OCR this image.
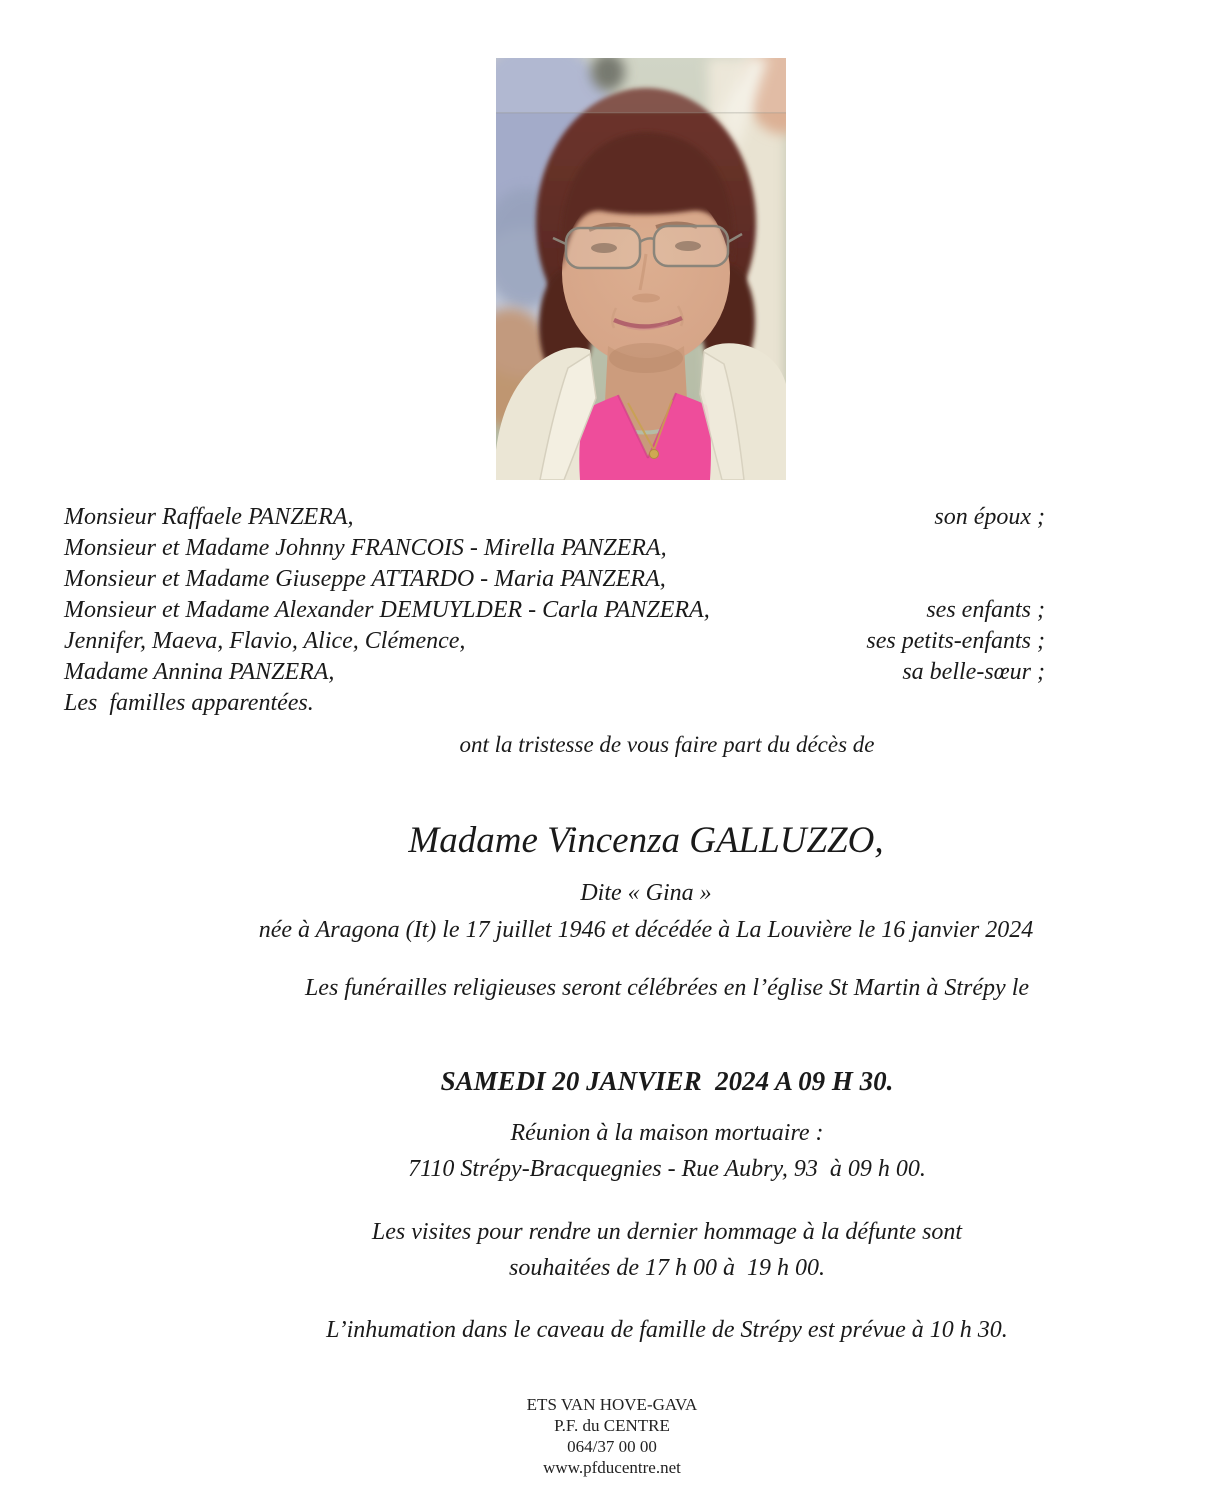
Monsieur Raffaele PANZERA,	son époux ;
Monsieur et Madame Johnny FRANCOIS - Mirella PANZERA,
Monsieur et Madame Giuseppe ATTARDO - Maria PANZERA,
Monsieur et Madame Alexander DEMUYLDER - Carla PANZERA,	ses enfants ;
Jennifer, Maeva, Flavio, Alice, Clémence,	ses petits-enfants ;
Madame Annina PANZERA,	sa belle-sœur ;
Les  familles apparentées.

ont la tristesse de vous faire part du décès de

Madame Vincenza GALLUZZO,

Dite « Gina »

née à Aragona (It) le 17 juillet 1946 et décédée à La Louvière le 16 janvier 2024

Les funérailles religieuses seront célébrées en l’église St Martin à Strépy le

SAMEDI 20 JANVIER  2024 A 09 H 30.

Réunion à la maison mortuaire :

7110 Strépy-Bracquegnies - Rue Aubry, 93  à 09 h 00.

Les visites pour rendre un dernier hommage à la défunte sont

souhaitées de 17 h 00 à  19 h 00.

L’inhumation dans le caveau de famille de Strépy est prévue à 10 h 30.

ETS VAN HOVE-GAVA
P.F. du CENTRE
064/37 00 00
www.pfducentre.net
